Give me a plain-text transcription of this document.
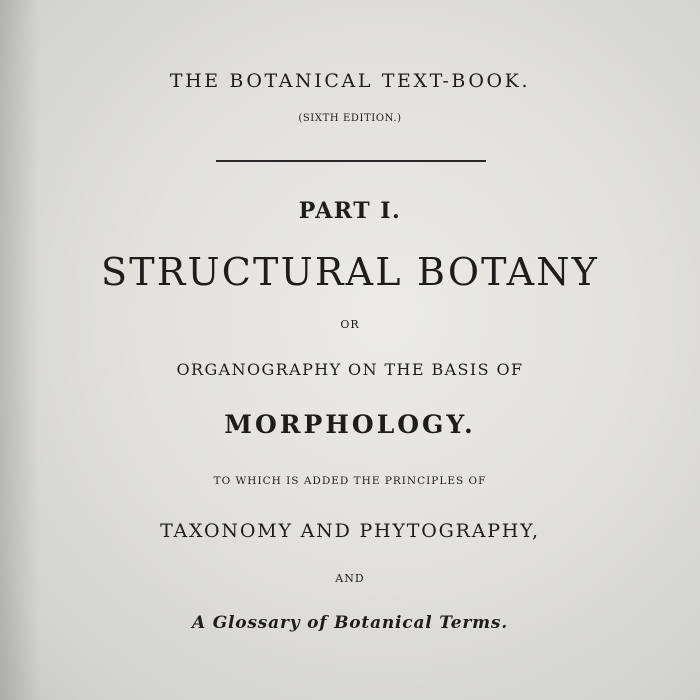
THE BOTANICAL TEXT-BOOK.
(SIXTH EDITION.)
PART I.
STRUCTURAL BOTANY
OR
ORGANOGRAPHY ON THE BASIS OF
MORPHOLOGY.
TO WHICH IS ADDED THE PRINCIPLES OF
TAXONOMY AND PHYTOGRAPHY,
AND
A Glossary of Botanical Terms.
